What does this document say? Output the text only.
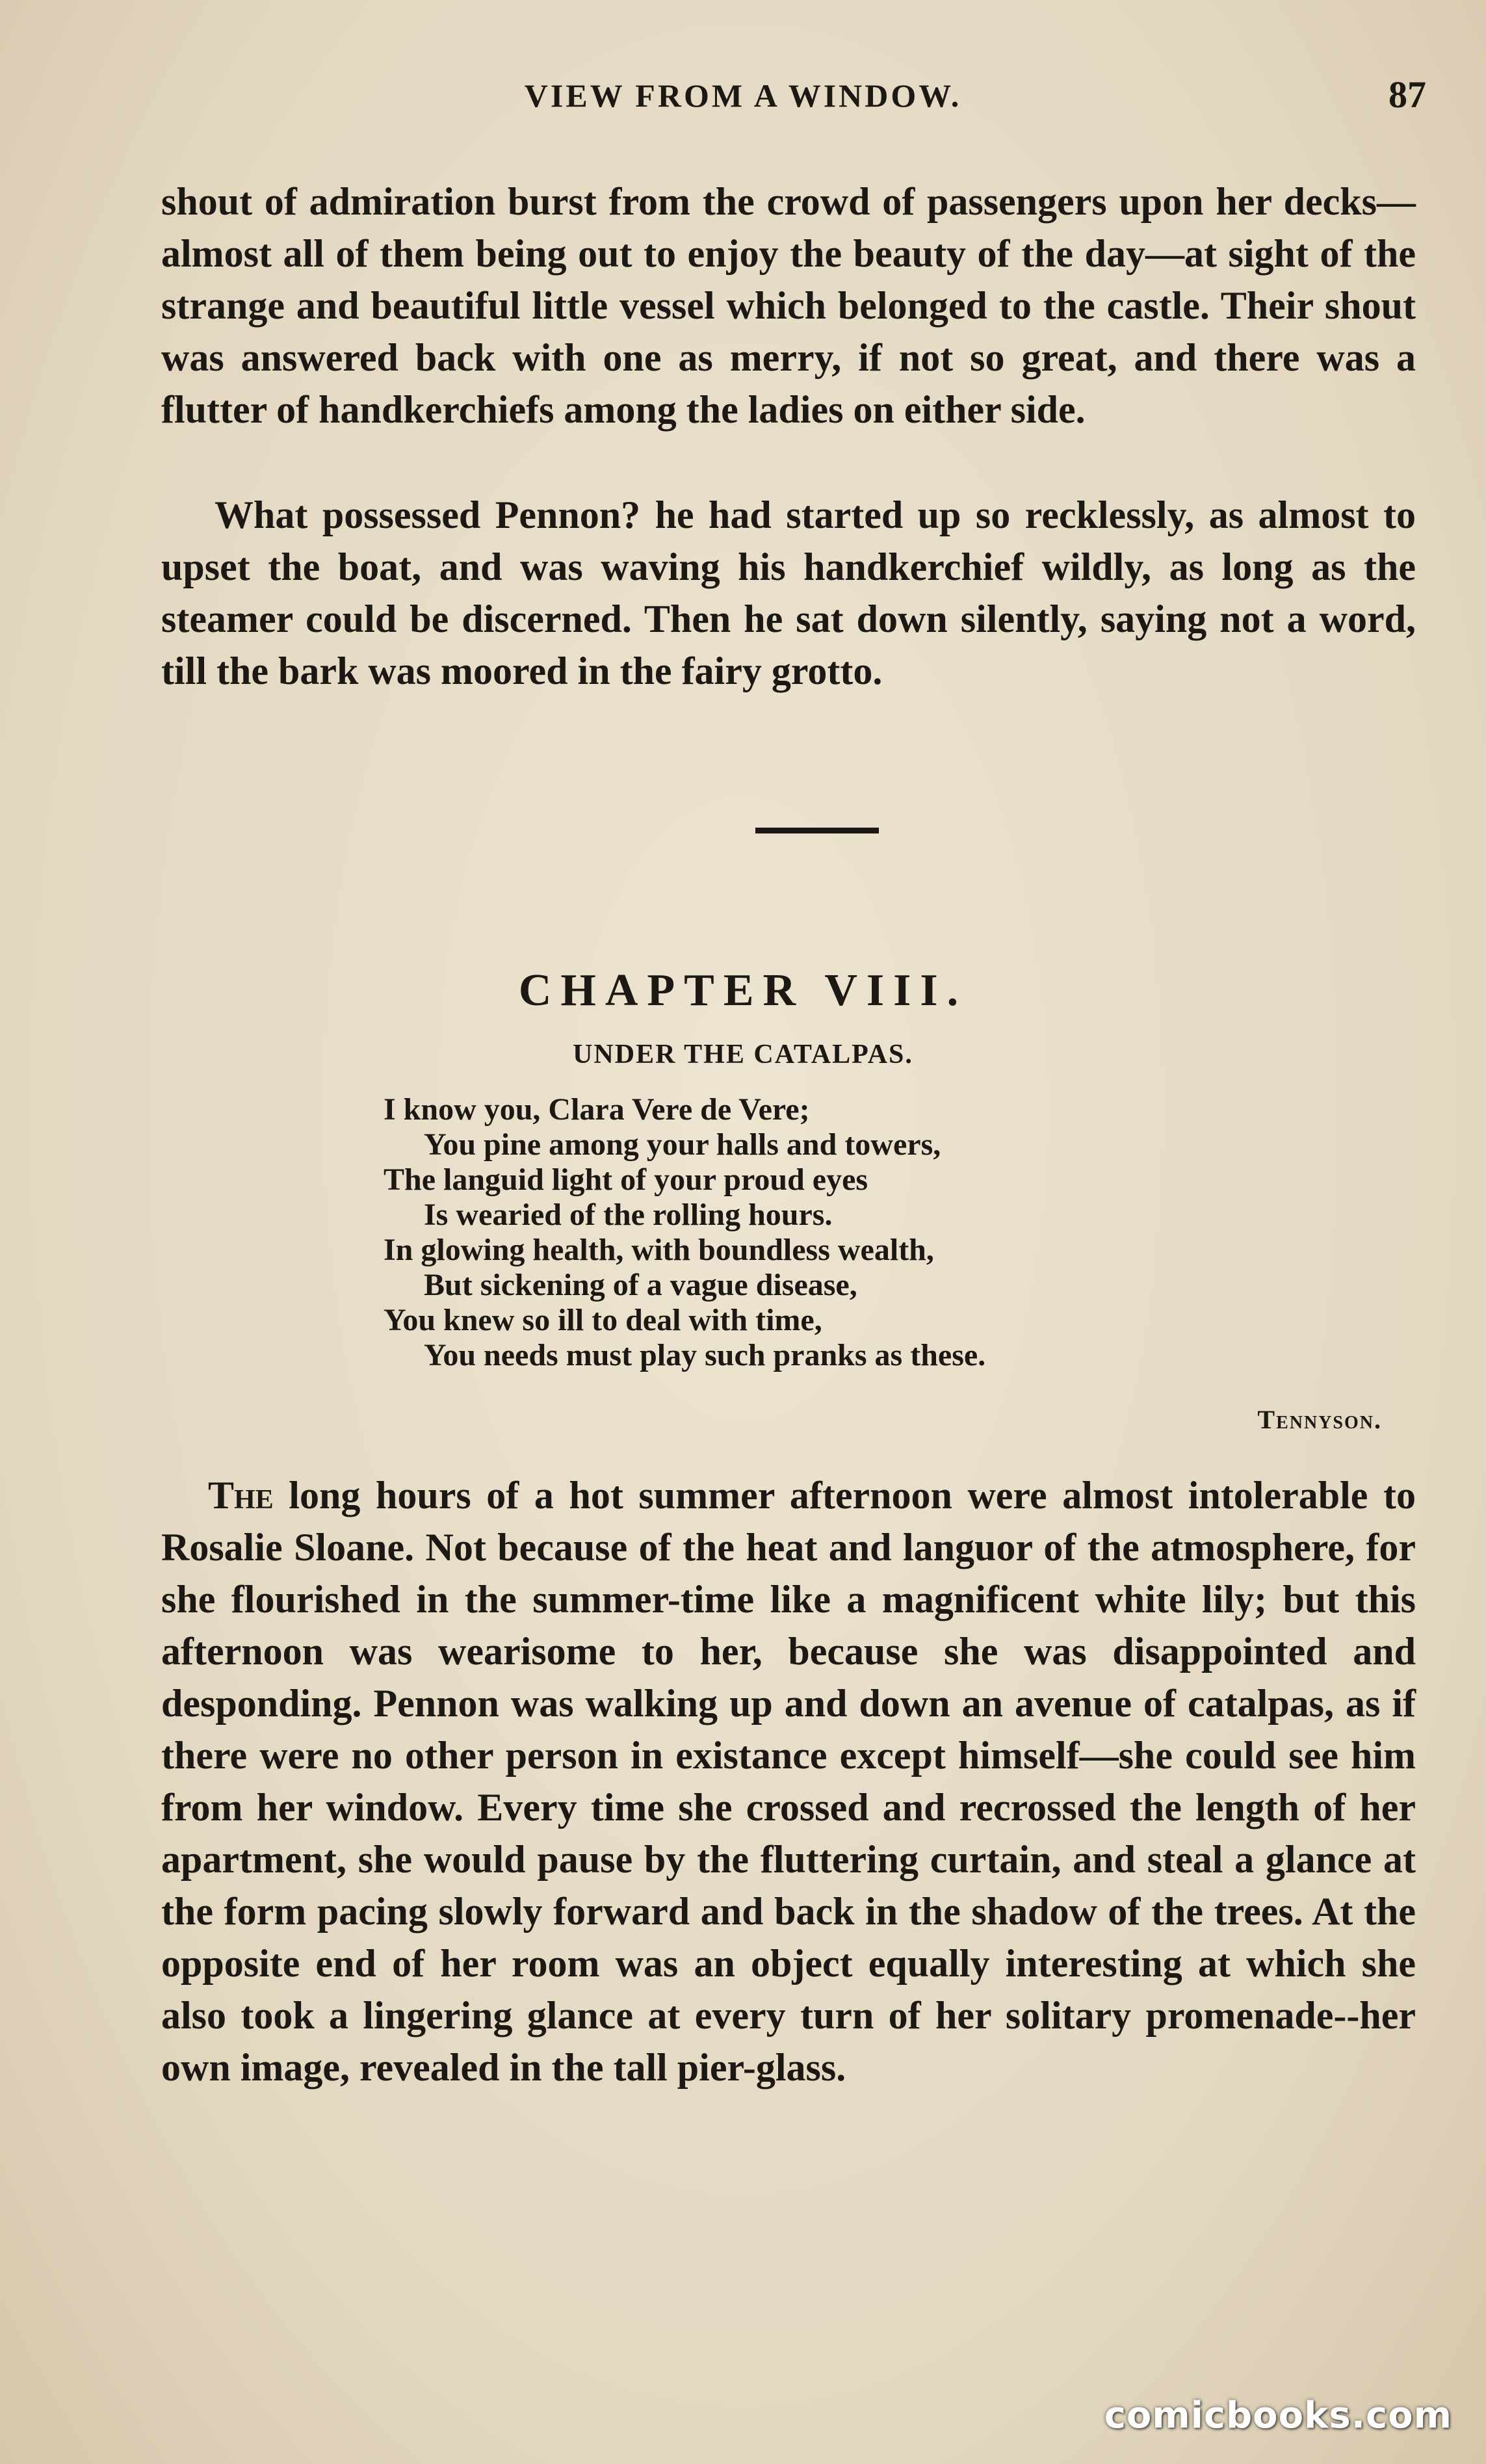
VIEW FROM A WINDOW.	87

shout of admiration burst from the crowd of passengers upon her decks—almost all of them being out to enjoy the beauty of the day—at sight of the strange and beautiful little vessel which belonged to the castle. Their shout was answered back with one as merry, if not so great, and there was a flutter of handkerchiefs among the ladies on either side.

What possessed Pennon? he had started up so recklessly, as almost to upset the boat, and was waving his handkerchief wildly, as long as the steamer could be discerned. Then he sat down silently, saying not a word, till the bark was moored in the fairy grotto.

CHAPTER VIII.
UNDER THE CATALPAS.
I know you, Clara Vere de Vere;
You pine among your halls and towers,
The languid light of your proud eyes
Is wearied of the rolling hours.
In glowing health, with boundless wealth,
But sickening of a vague disease,
You knew so ill to deal with time,
You needs must play such pranks as these.
Tennyson.

The long hours of a hot summer afternoon were almost intolerable to Rosalie Sloane. Not because of the heat and languor of the atmosphere, for she flourished in the summer-time like a magnificent white lily; but this afternoon was wearisome to her, because she was disappointed and desponding. Pennon was walking up and down an avenue of catalpas, as if there were no other person in existance except himself—she could see him from her window. Every time she crossed and recrossed the length of her apartment, she would pause by the fluttering curtain, and steal a glance at the form pacing slowly forward and back in the shadow of the trees. At the opposite end of her room was an object equally interesting at which she also took a lingering glance at every turn of her solitary promenade--her own image, revealed in the tall pier-glass.

comicbooks.com
